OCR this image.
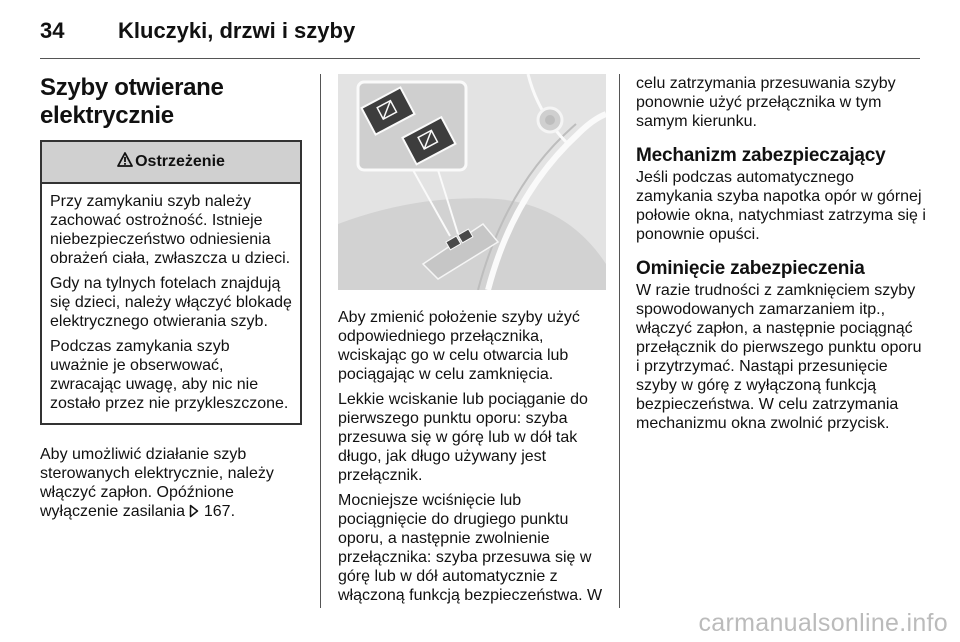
34 Kluczyki, drzwi i szyby
Szyby otwierane
elektrycznie
Ostrzeżenie

Przy zamykaniu szyb należy zachować ostrożność. Istnieje niebezpieczeństwo odniesienia obrażeń ciała, zwłaszcza u dzieci.

Gdy na tylnych fotelach znajdują się dzieci, należy włączyć blokadę elektrycznego otwierania szyb.

Podczas zamykania szyb uważnie je obserwować, zwracając uwagę, aby nic nie zostało przez nie przykleszczone.

Aby umożliwić działanie szyb sterowanych elektrycznie, należy włączyć zapłon. Opóźnione wyłączenie zasilania 167.

Aby zmienić położenie szyby użyć odpowiedniego przełącznika, wciskając go w celu otwarcia lub pociągając w celu zamknięcia.

Lekkie wciskanie lub pociąganie do pierwszego punktu oporu: szyba przesuwa się w górę lub w dół tak długo, jak długo używany jest przełącznik.

Mocniejsze wciśnięcie lub pociągnięcie do drugiego punktu oporu, a następnie zwolnienie przełącznika: szyba przesuwa się w górę lub w dół automatycznie z włączoną funkcją bezpieczeństwa. W

celu zatrzymania przesuwania szyby ponownie użyć przełącznika w tym samym kierunku.

Mechanizm zabezpieczający

Jeśli podczas automatycznego zamykania szyba napotka opór w górnej połowie okna, natychmiast zatrzyma się i ponownie opuści.

Ominięcie zabezpieczenia

W razie trudności z zamknięciem szyby spowodowanych zamarzaniem itp., włączyć zapłon, a następnie pociągnąć przełącznik do pierwszego punktu oporu i przytrzymać. Nastąpi przesunięcie szyby w górę z wyłączoną funkcją bezpieczeństwa. W celu zatrzymania mechanizmu okna zwolnić przycisk.

carmanualsonline.info
